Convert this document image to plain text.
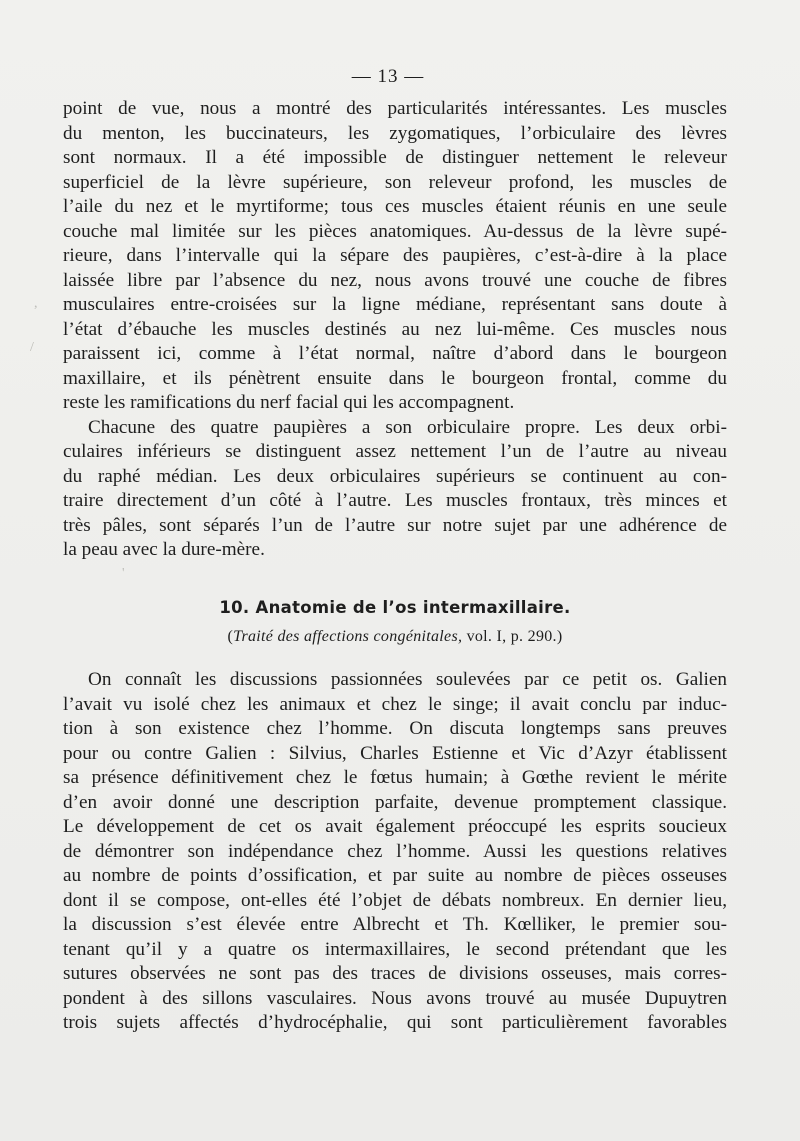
— 13 —
point de vue, nous a montré des particularités intéressantes. Les muscles
du menton, les buccinateurs, les zygomatiques, l’orbiculaire des lèvres
sont normaux. Il a été impossible de distinguer nettement le releveur
superficiel de la lèvre supérieure, son releveur profond, les muscles de
l’aile du nez et le myrtiforme; tous ces muscles étaient réunis en une seule
couche mal limitée sur les pièces anatomiques. Au-dessus de la lèvre supé-
rieure, dans l’intervalle qui la sépare des paupières, c’est-à-dire à la place
laissée libre par l’absence du nez, nous avons trouvé une couche de fibres
musculaires entre-croisées sur la ligne médiane, représentant sans doute à
l’état d’ébauche les muscles destinés au nez lui-même. Ces muscles nous
paraissent ici, comme à l’état normal, naître d’abord dans le bourgeon
maxillaire, et ils pénètrent ensuite dans le bourgeon frontal, comme du
reste les ramifications du nerf facial qui les accompagnent.
Chacune des quatre paupières a son orbiculaire propre. Les deux orbi-
culaires inférieurs se distinguent assez nettement l’un de l’autre au niveau
du raphé médian. Les deux orbiculaires supérieurs se continuent au con-
traire directement d’un côté à l’autre. Les muscles frontaux, très minces et
très pâles, sont séparés l’un de l’autre sur notre sujet par une adhérence de
la peau avec la dure-mère.
10. Anatomie de l’os intermaxillaire.
(Traité des affections congénitales, vol. I, p. 290.)
On connaît les discussions passionnées soulevées par ce petit os. Galien
l’avait vu isolé chez les animaux et chez le singe; il avait conclu par induc-
tion à son existence chez l’homme. On discuta longtemps sans preuves
pour ou contre Galien : Silvius, Charles Estienne et Vic d’Azyr établissent
sa présence définitivement chez le fœtus humain; à Gœthe revient le mérite
d’en avoir donné une description parfaite, devenue promptement classique.
Le développement de cet os avait également préoccupé les esprits soucieux
de démontrer son indépendance chez l’homme. Aussi les questions relatives
au nombre de points d’ossification, et par suite au nombre de pièces osseuses
dont il se compose, ont-elles été l’objet de débats nombreux. En dernier lieu,
la discussion s’est élevée entre Albrecht et Th. Kœlliker, le premier sou-
tenant qu’il y a quatre os intermaxillaires, le second prétendant que les
sutures observées ne sont pas des traces de divisions osseuses, mais corres-
pondent à des sillons vasculaires. Nous avons trouvé au musée Dupuytren
trois sujets affectés d’hydrocéphalie, qui sont particulièrement favorables
,
/
'
